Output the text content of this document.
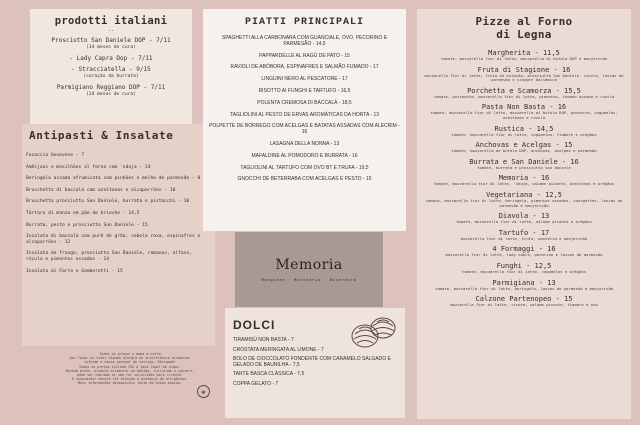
prodotti italiani
--
Prosciutto San Daniele DOP - 7/11
(14 meses de cura)
- Lady Capra Dop - 7/11
- Stracciatella - 9/15
(coração da burrata)
Parmigiano Reggiano DOP - 7/11
(24 meses de cura)
Antipasti & Insalate
Focaccia Genovese - 7
Amêijoas e mexilhões al forno com 'nduja - 14
Beringela assada afrumicata com pinhões e molho de parmesão - 8
Bruschetta di baccalà com azeitonas e alcaparrões - 10
Bruschetta prosciutto San Daniele, burrata e pistacchi - 10
Tártaro di manzo em pão de brioche - 14,5
Burrata, pesto e prosciutto San Daniele - 15
Insalata di baccalà com purê de grão, cebola roxa, espinafres e alcaparrões - 12
Insalata de frango, prosciutto San Daniele, romanos, alface, rúcula e pimentos assados - 14
Insalata di Farro e Gamberetti - 15
Todos os preços e mapa a carta
por favor se tiver alguma alergia ou intolerância alimentar
informe o nosso pessoal de serviço. Obrigado!
Todos os preços incluem IVA à taxa legal em vigor.
Nenhum prato, produto alimentar ou bebida, incluindo o couvert,
pode ser cobrado se não for solicitado pelo cliente.
O consumidor deverá ter atenção à presença de alergénios.
Mais informações disponíveis junto da nossa equipa.
❀
PIATTI PRINCIPALI
SPAGHETTI ALLA CARBONARA COM GUANCIALE, OVO, PECORINO E PARMESÃO - 14,5
PAPPARDELLE AL RAGÙ DE PATO - 15
RAVIOLI DE ABÓBORA, ESPINAFRES E SALMÃO FUMADO - 17
LINGUINI NERO AL PESCATORE - 17
RISOTTO AI FUNGHI E TARTUFO - 16,5
POLENTA CREMOSA DI BACCALÀ - 18,5
TAGLIOLINI AL PESTO DE ERVAS AROMÁTICAS DA HORTA - 13
POLPETTE DE BORREGO COM ACELGAS E BATATAS ASSADAS COM ALECRIM - 16
LASAGNA DELLA NONNA - 13
MAFALDINE AL POMODORO E BURRATA - 16
TAGLIOLINI AL TARTUFO COM OVO BT E TRUFA - 19,5
GNOCCHI DE BETERRABA COM ACELGAS E PESTO - 15
Memoria
Mangiare · Mercearia · Bicerdura
DOLCI
TIRAMISÙ NON BASTA - 7
CROSTATA MERINGATA AL LIMONE - 7
BOLO DE CIOCCOLATO FONDENTE COM CARAMELO SALGADO E GELADO DE BAUNILHA - 7,5
TARTE BASCA CLÁSSICA - 7,5
COPPA GELATO - 7
Pizze al Forno
di Legna
Margherita - 11,5
tomate, mozzarella fior di latte, mozzarella di bufala DOP e manjericão
Fruta di Stagione - 16
mozzarella fior di latte, fruta da estação, prosciutto San Daniele, rúcula, lascas de parmesão e vinagre balsâmico
Porchetta e Scamorza - 15,5
tomate, porchetta, mozzarella fior di latte, pimentos, fumado assado e rúcula
Pasta Non Basta - 16
tomate, mozzarella fior di latte, mozzarella di bufala DOP, pancetta, cogumelos, azeitonas e rúcula
Rustica - 14,5
tomate, mozzarella fior di latte, cogumelos, fiambre e orégãos
Anchovas e Acelgas - 15
tomate, mozzarella de búfala DOP, anchovas, acelgas e parmesão
Burrata e San Daniele - 16
tomate, burrata e prosciutto san daniele
Memoria - 16
tomate, mozzarella fior di latte, 'nduja, salame picante, azeitonas e orégãos
Vegetariana - 12,5
tomate, mozzarella fior di latte, beringela, pimentos assados, courgettes, lascas de parmesão e manjericão
Diavola - 13
tomate, mozzarella fior di latte, salame picante e orégãos
Tartufo - 17
mozzarella fior di latte, trufa, pancetta e manjericão
4 Formaggi - 16
mozzarella fior di latte, lady capra, pecorino e lascas de parmesão
Funghi - 12,5
tomate, mozzarella fior di latte, cogumelos e orégãos
Parmigiana - 13
tomate, mozzarella fior di latte, beringela, lascas de parmesão e manjericão
Calzone Partenopeo - 15
mozzarella fior di latte, ricota, salame picante, fiambre e ovo
